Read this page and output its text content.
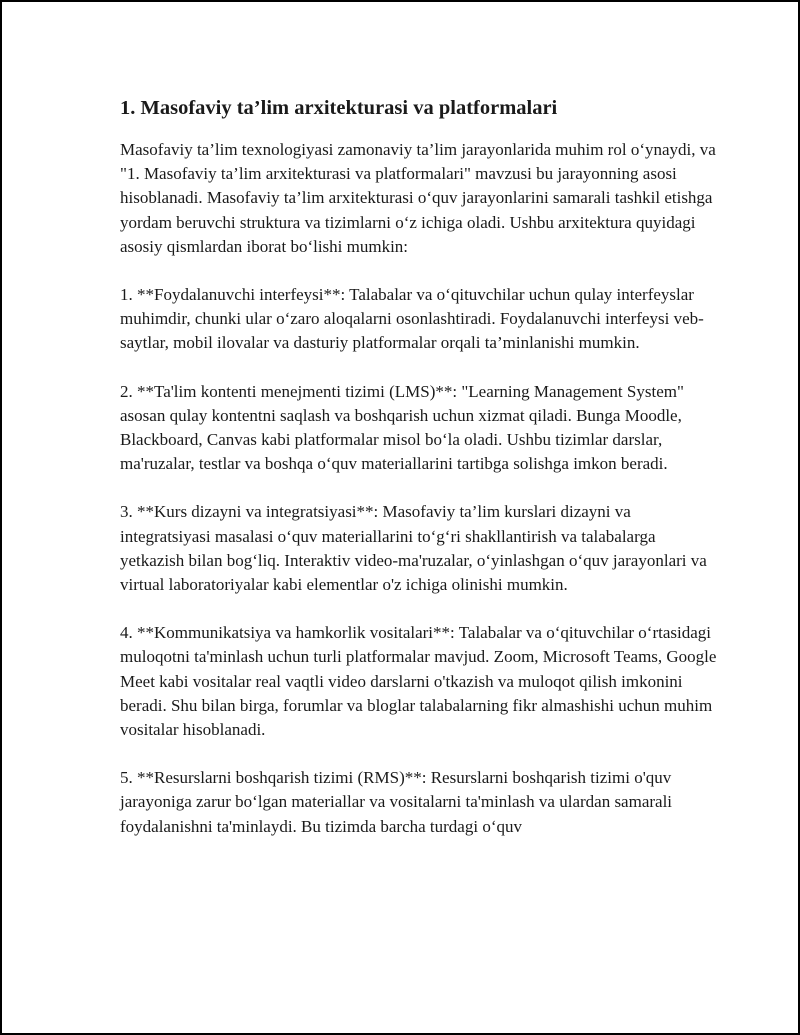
1. Masofaviy ta’lim arxitekturasi va platformalari

Masofaviy ta’lim texnologiyasi zamonaviy ta’lim jarayonlarida muhim rol oʻynaydi, va "1. Masofaviy ta’lim arxitekturasi va platformalari" mavzusi bu jarayonning asosi hisoblanadi. Masofaviy ta’lim arxitekturasi oʻquv jarayonlarini samarali tashkil etishga yordam beruvchi struktura va tizimlarni oʻz ichiga oladi. Ushbu arxitektura quyidagi asosiy qismlardan iborat boʻlishi mumkin:

1. **Foydalanuvchi interfeysi**: Talabalar va oʻqituvchilar uchun qulay interfeyslar muhimdir, chunki ular oʻzaro aloqalarni osonlashtiradi. Foydalanuvchi interfeysi veb-saytlar, mobil ilovalar va dasturiy platformalar orqali ta’minlanishi mumkin.

2. **Ta'lim kontenti menejmenti tizimi (LMS)**: "Learning Management System" asosan qulay kontentni saqlash va boshqarish uchun xizmat qiladi. Bunga Moodle, Blackboard, Canvas kabi platformalar misol boʻla oladi. Ushbu tizimlar darslar, ma'ruzalar, testlar va boshqa oʻquv materiallarini tartibga solishga imkon beradi.

3. **Kurs dizayni va integratsiyasi**: Masofaviy ta’lim kurslari dizayni va integratsiyasi masalasi oʻquv materiallarini toʻgʻri shakllantirish va talabalarga yetkazish bilan bogʻliq. Interaktiv video-ma'ruzalar, oʻyinlashgan oʻquv jarayonlari va virtual laboratoriyalar kabi elementlar o'z ichiga olinishi mumkin.

4. **Kommunikatsiya va hamkorlik vositalari**: Talabalar va oʻqituvchilar oʻrtasidagi muloqotni ta'minlash uchun turli platformalar mavjud. Zoom, Microsoft Teams, Google Meet kabi vositalar real vaqtli video darslarni o'tkazish va muloqot qilish imkonini beradi. Shu bilan birga, forumlar va bloglar talabalarning fikr almashishi uchun muhim vositalar hisoblanadi.

5. **Resurslarni boshqarish tizimi (RMS)**: Resurslarni boshqarish tizimi o'quv jarayoniga zarur boʻlgan materiallar va vositalarni ta'minlash va ulardan samarali foydalanishni ta'minlaydi. Bu tizimda barcha turdagi oʻquv
